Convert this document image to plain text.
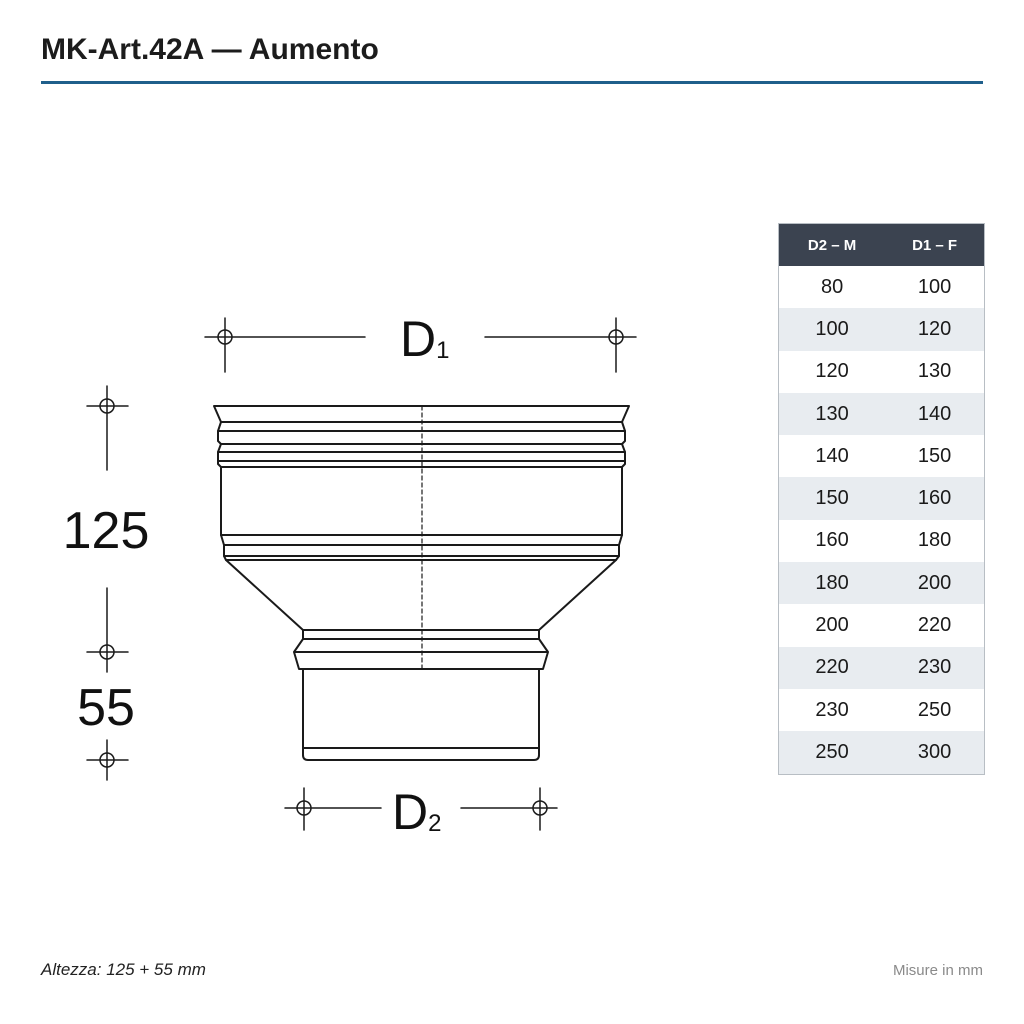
MK-Art.42A — Aumento
D1
D2
125
55
D2 – M	D1 – F
80	100
100	120
120	130
130	140
140	150
150	160
160	180
180	200
200	220
220	230
230	250
250	300
Altezza: 125 + 55 mm	Misure in mm
